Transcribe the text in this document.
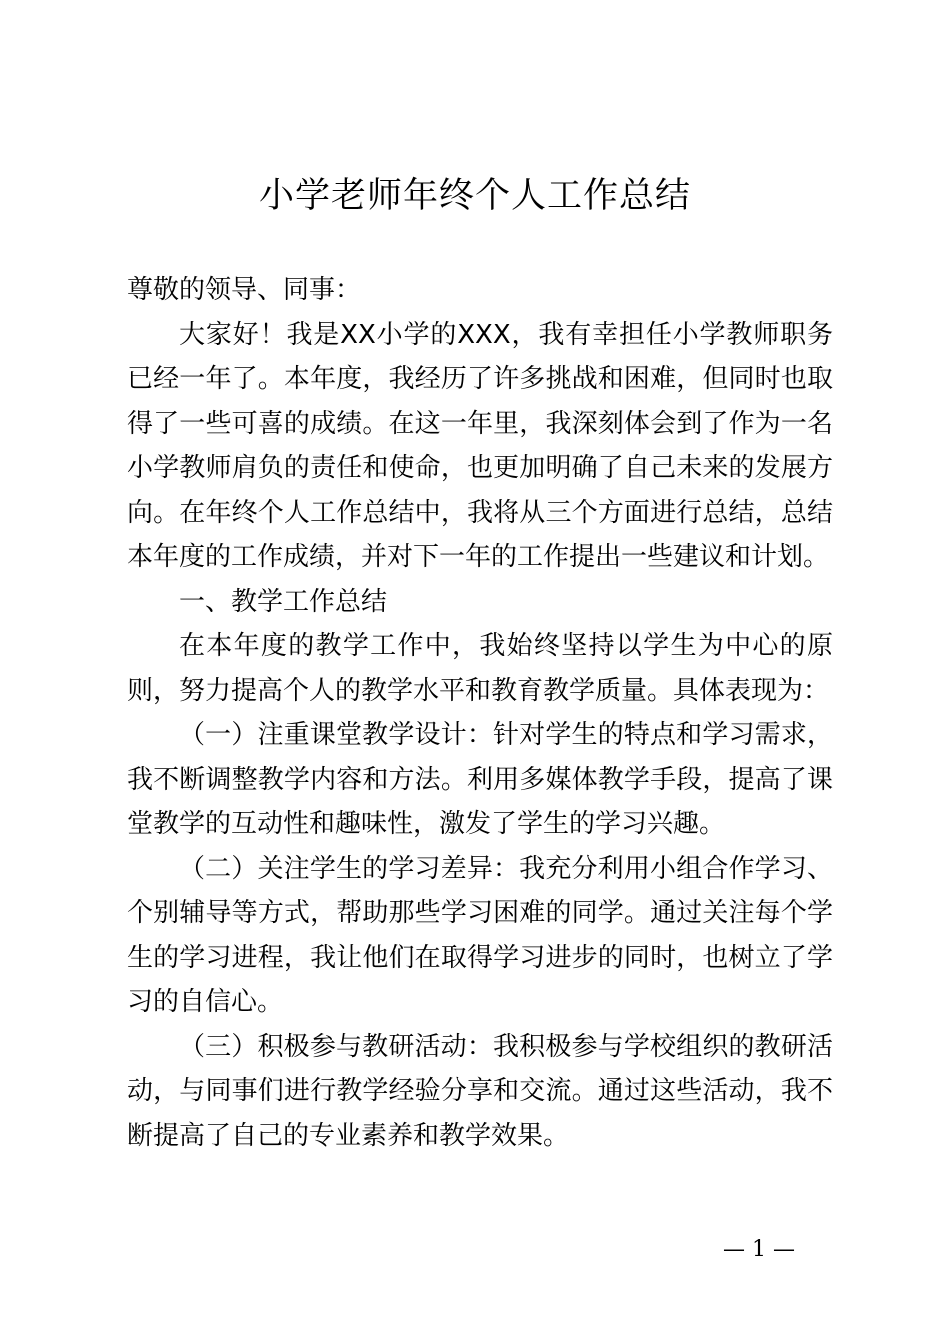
小学老师年终个人工作总结

尊敬的领导、同事：

大家好！我是XX小学的XXX，我有幸担任小学教师职务已经一年了。本年度，我经历了许多挑战和困难，但同时也取得了一些可喜的成绩。在这一年里，我深刻体会到了作为一名小学教师肩负的责任和使命，也更加明确了自己未来的发展方向。在年终个人工作总结中，我将从三个方面进行总结，总结本年度的工作成绩，并对下一年的工作提出一些建议和计划。

一、教学工作总结

在本年度的教学工作中，我始终坚持以学生为中心的原则，努力提高个人的教学水平和教育教学质量。具体表现为：

（一）注重课堂教学设计：针对学生的特点和学习需求，我不断调整教学内容和方法。利用多媒体教学手段，提高了课堂教学的互动性和趣味性，激发了学生的学习兴趣。

（二）关注学生的学习差异：我充分利用小组合作学习、个别辅导等方式，帮助那些学习困难的同学。通过关注每个学生的学习进程，我让他们在取得学习进步的同时，也树立了学习的自信心。

（三）积极参与教研活动：我积极参与学校组织的教研活动，与同事们进行教学经验分享和交流。通过这些活动，我不断提高了自己的专业素养和教学效果。

— 1 —
